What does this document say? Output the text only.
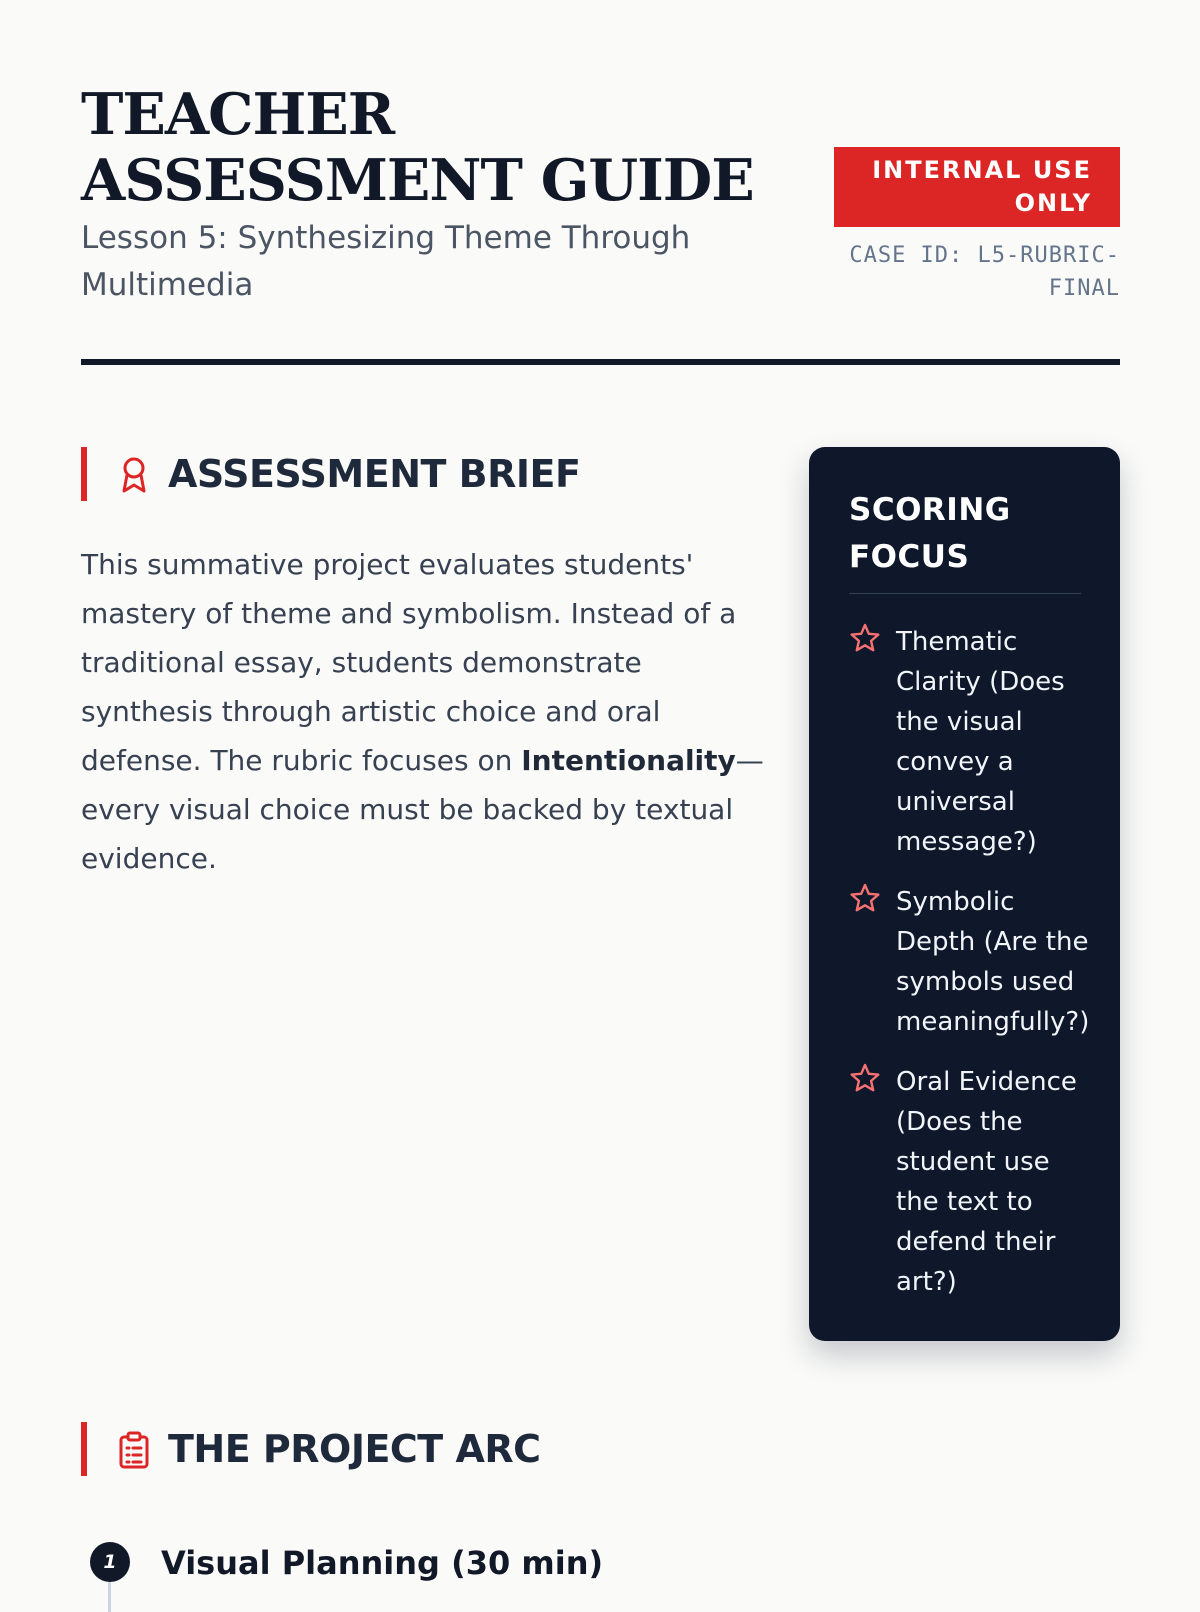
TEACHER ASSESSMENT GUIDE
Lesson 5: Synthesizing Theme Through Multimedia
INTERNAL USE ONLY
CASE ID: L5-RUBRIC-FINAL
ASSESSMENT BRIEF

This summative project evaluates students' mastery of theme and symbolism. Instead of a traditional essay, students demonstrate synthesis through artistic choice and oral defense. The rubric focuses on Intentionality—every visual choice must be backed by textual evidence.

SCORING FOCUS
Thematic Clarity (Does the visual convey a universal message?)
Symbolic Depth (Are the symbols used meaningfully?)
Oral Evidence (Does the student use the text to defend their art?)
THE PROJECT ARC
1	Visual Planning (30 min)
